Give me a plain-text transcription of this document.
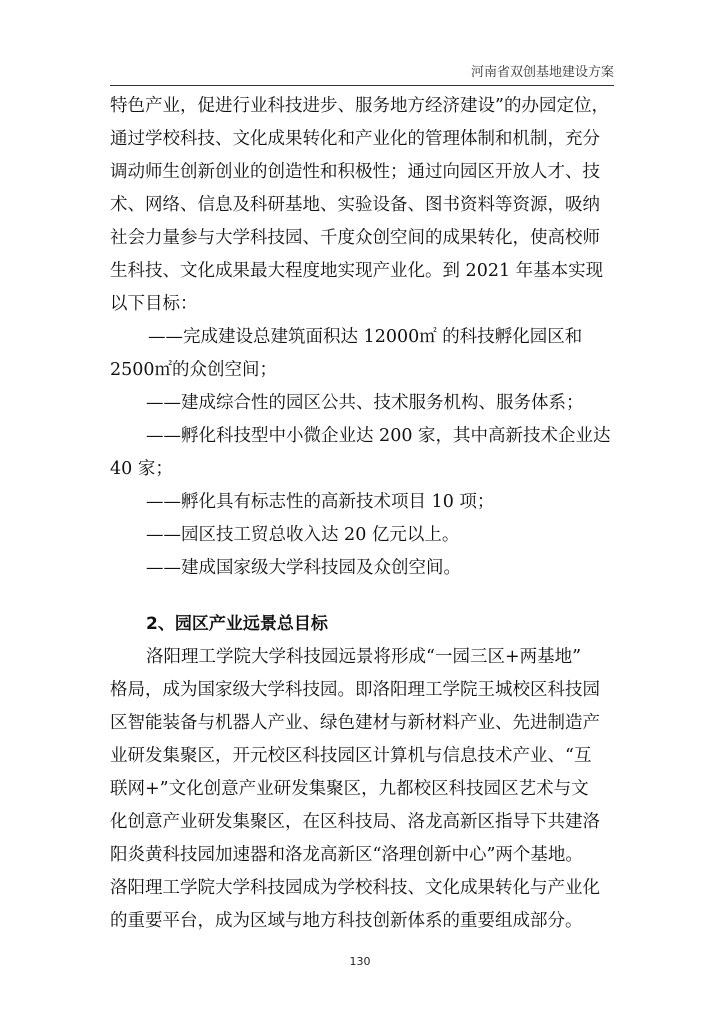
河南省双创基地建设方案
特色产业，促进行业科技进步、服务地方经济建设”的办园定位，
通过学校科技、文化成果转化和产业化的管理体制和机制，充分
调动师生创新创业的创造性和积极性；通过向园区开放人才、技
术、网络、信息及科研基地、实验设备、图书资料等资源，吸纳
社会力量参与大学科技园、千度众创空间的成果转化，使高校师
生科技、文化成果最大程度地实现产业化。到 2021 年基本实现
以下目标：
——完成建设总建筑面积达 12000㎡ 的科技孵化园区和
2500㎡的众创空间；
——建成综合性的园区公共、技术服务机构、服务体系；
——孵化科技型中小微企业达 200 家，其中高新技术企业达
40 家；
——孵化具有标志性的高新技术项目 10 项；
——园区技工贸总收入达 20 亿元以上。
——建成国家级大学科技园及众创空间。
2、园区产业远景总目标
洛阳理工学院大学科技园远景将形成“一园三区+两基地”
格局，成为国家级大学科技园。即洛阳理工学院王城校区科技园
区智能装备与机器人产业、绿色建材与新材料产业、先进制造产
业研发集聚区，开元校区科技园区计算机与信息技术产业、“互
联网+”文化创意产业研发集聚区，九都校区科技园区艺术与文
化创意产业研发集聚区，在区科技局、洛龙高新区指导下共建洛
阳炎黄科技园加速器和洛龙高新区“洛理创新中心”两个基地。
洛阳理工学院大学科技园成为学校科技、文化成果转化与产业化
的重要平台，成为区域与地方科技创新体系的重要组成部分。
130
